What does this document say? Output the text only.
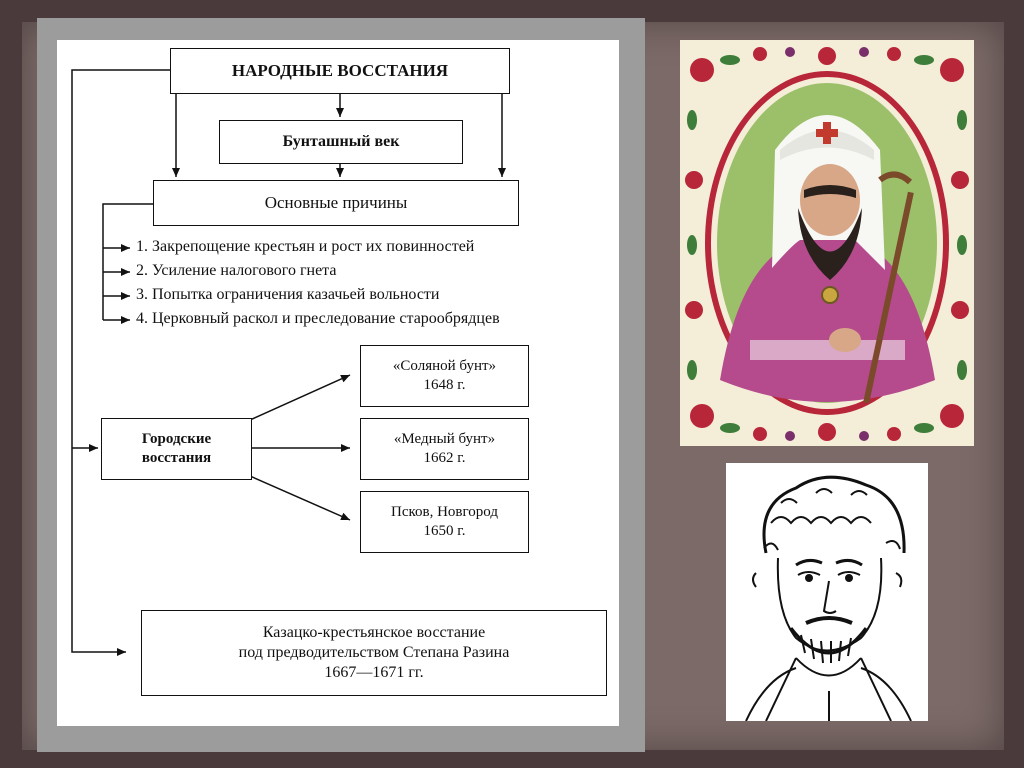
НАРОДНЫЕ ВОССТАНИЯ
Бунташный век
Основные причины
1. Закрепощение крестьян и рост их повинностей
2. Усиление налогового гнета
3. Попытка ограничения казачьей вольности
4. Церковный раскол и преследование старообрядцев
Городские
восстания
«Соляной бунт»
1648 г.
«Медный бунт»
1662 г.
Псков, Новгород
1650 г.
Казацко-крестьянское восстание
под предводительством Степана Разина
1667—1671 гг.
